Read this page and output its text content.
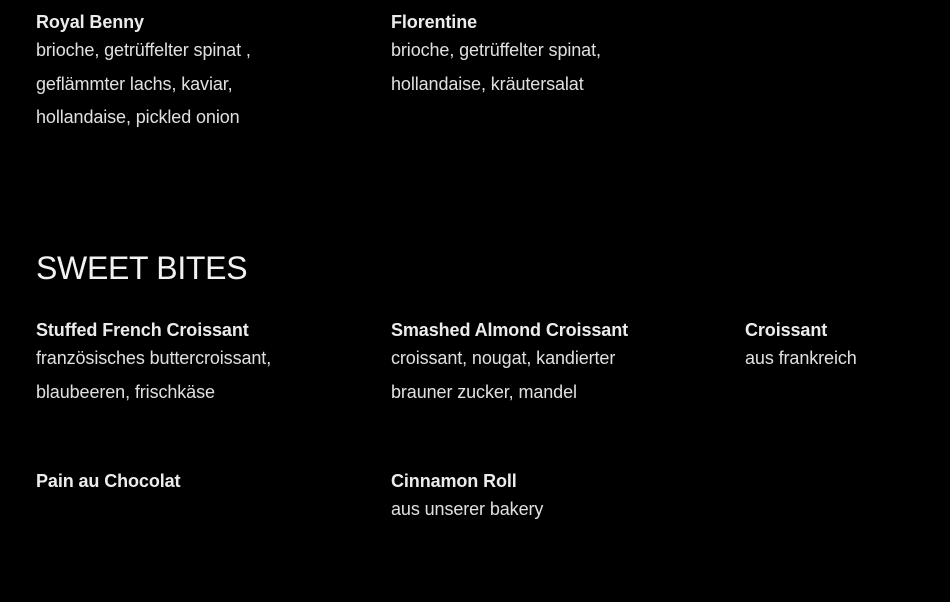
Royal Benny

brioche, getrüffelter spinat ,
geflämmter lachs, kaviar,
hollandaise, pickled onion

Florentine

brioche, getrüffelter spinat,
hollandaise, kräutersalat
SWEET BITES

Stuffed French Croissant

französisches buttercroissant,
blaubeeren, frischkäse

Smashed Almond Croissant

croissant, nougat, kandierter
brauner zucker, mandel

Croissant

aus frankreich

Pain au Chocolat	Cinnamon Roll

aus unserer bakery
